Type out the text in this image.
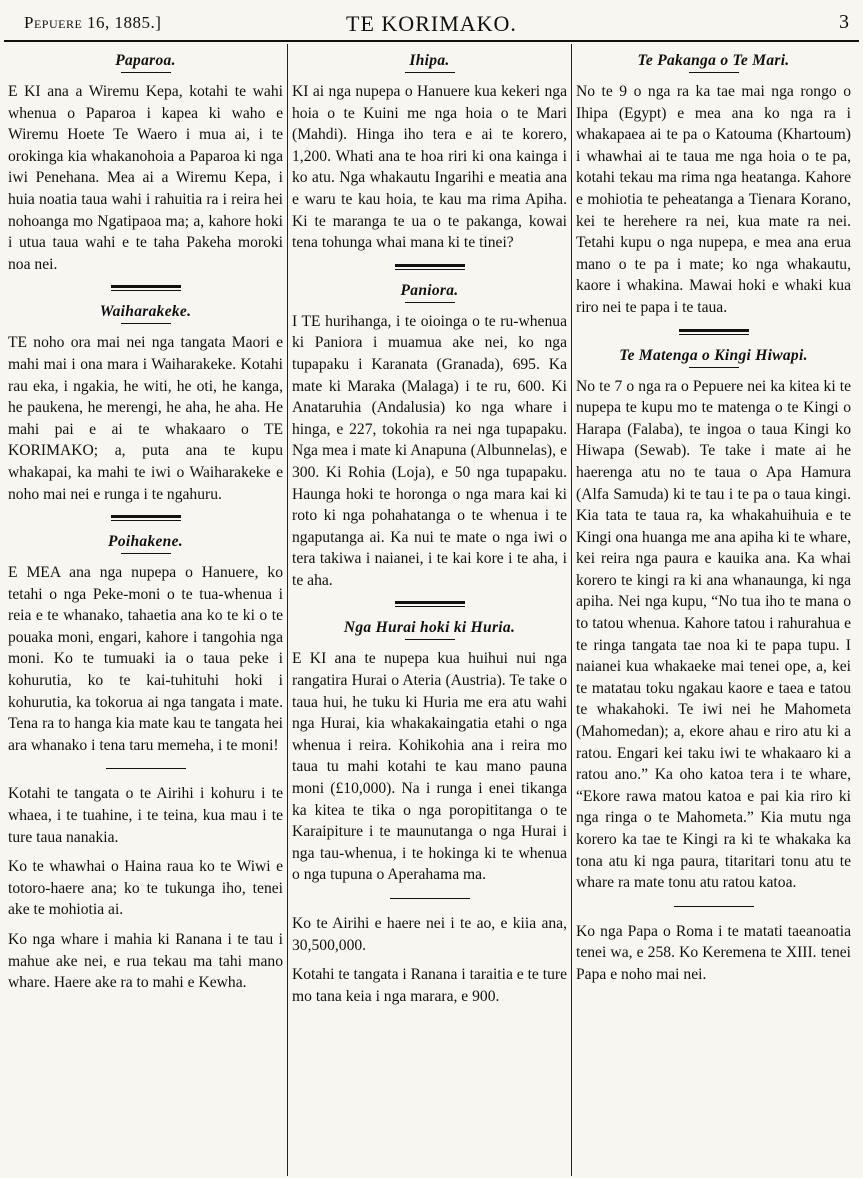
Pepuere 16, 1885.]	TE KORIMAKO.	3
Paparoa.

E KI ana a Wiremu Kepa, kotahi te wahi whenua o Paparoa i kapea ki waho e Wiremu Hoete Te Waero i mua ai, i te orokinga kia whakanohoia a Paparoa ki nga iwi Penehana. Mea ai a Wiremu Kepa, i huia noatia taua wahi i rahuitia ra i reira hei nohoanga mo Ngatipaoa ma; a, kahore hoki i utua taua wahi e te taha Pakeha moroki noa nei.

Waiharakeke.

TE noho ora mai nei nga tangata Maori e mahi mai i ona mara i Waiharakeke. Kotahi rau eka, i ngakia, he witi, he oti, he kanga, he paukena, he merengi, he aha, he aha. He mahi pai e ai te whakaaro o TE KORIMAKO; a, puta ana te kupu whakapai, ka mahi te iwi o Waiharakeke e noho mai nei e runga i te ngahuru.

Poihakene.

E MEA ana nga nupepa o Hanuere, ko tetahi o nga Peke-moni o te tua-whenua i reia e te whanako, tahaetia ana ko te ki o te pouaka moni, engari, kahore i tangohia nga moni. Ko te tumuaki ia o taua peke i kohurutia, ko te kai-tuhituhi hoki i kohurutia, ka tokorua ai nga tangata i mate. Tena ra to hanga kia mate kau te tangata hei ara whanako i tena taru memeha, i te moni!

Kotahi te tangata o te Airihi i kohuru i te whaea, i te tuahine, i te teina, kua mau i te ture taua nanakia.

Ko te whawhai o Haina raua ko te Wiwi e totoro-haere ana; ko te tukunga iho, tenei ake te mohiotia ai.

Ko nga whare i mahia ki Ranana i te tau i mahue ake nei, e rua tekau ma tahi mano whare. Haere ake ra to mahi e Kewha.

Ihipa.

KI ai nga nupepa o Hanuere kua kekeri nga hoia o te Kuini me nga hoia o te Mari (Mahdi). Hinga iho tera e ai te korero, 1,200. Whati ana te hoa riri ki ona kainga i ko atu. Nga whakautu Ingarihi e meatia ana e waru te kau hoia, te kau ma rima Apiha. Ki te maranga te ua o te pakanga, kowai tena tohunga whai mana ki te tinei?

Paniora.

I TE hurihanga, i te oioinga o te ru-whenua ki Paniora i muamua ake nei, ko nga tupapaku i Karanata (Granada), 695. Ka mate ki Maraka (Malaga) i te ru, 600. Ki Anataruhia (Andalusia) ko nga whare i hinga, e 227, tokohia ra nei nga tupapaku. Nga mea i mate ki Anapuna (Albunnelas), e 300. Ki Rohia (Loja), e 50 nga tupapaku. Haunga hoki te horonga o nga mara kai ki roto ki nga pohahatanga o te whenua i te ngaputanga ai. Ka nui te mate o nga iwi o tera takiwa i naianei, i te kai kore i te aha, i te aha.

Nga Hurai hoki ki Huria.

E KI ana te nupepa kua huihui nui nga rangatira Hurai o Ateria (Austria). Te take o taua hui, he tuku ki Huria me era atu wahi nga Hurai, kia whakakaingatia etahi o nga whenua i reira. Kohikohia ana i reira mo taua tu mahi kotahi te kau mano pauna moni (£10,000). Na i runga i enei tikanga ka kitea te tika o nga poropititanga o te Karaipiture i te maunutanga o nga Hurai i nga tau-whenua, i te hokinga ki te whenua o nga tupuna o Aperahama ma.

Ko te Airihi e haere nei i te ao, e kiia ana, 30,500,000.

Kotahi te tangata i Ranana i taraitia e te ture mo tana keia i nga marara, e 900.

Te Pakanga o Te Mari.

No te 9 o nga ra ka tae mai nga rongo o Ihipa (Egypt) e mea ana ko nga ra i whakapaea ai te pa o Katouma (Khartoum) i whawhai ai te taua me nga hoia o te pa, kotahi tekau ma rima nga heatanga. Kahore e mohiotia te peheatanga a Tienara Korano, kei te herehere ra nei, kua mate ra nei. Tetahi kupu o nga nupepa, e mea ana erua mano o te pa i mate; ko nga whakautu, kaore i whakina. Mawai hoki e whaki kua riro nei te papa i te taua.

Te Matenga o Kingi Hiwapi.

No te 7 o nga ra o Pepuere nei ka kitea ki te nupepa te kupu mo te matenga o te Kingi o Harapa (Falaba), te ingoa o taua Kingi ko Hiwapa (Sewab). Te take i mate ai he haerenga atu no te taua o Apa Hamura (Alfa Samuda) ki te tau i te pa o taua kingi. Kia tata te taua ra, ka whakahuihuia e te Kingi ona huanga me ana apiha ki te whare, kei reira nga paura e kauika ana. Ka whai korero te kingi ra ki ana whanaunga, ki nga apiha. Nei nga kupu, “No tua iho te mana o to tatou whenua. Kahore tatou i rahurahua e te ringa tangata tae noa ki te papa tupu. I naianei kua whakaeke mai tenei ope, a, kei te matatau toku ngakau kaore e taea e tatou te whakahoki. Te iwi nei he Mahometa (Mahomedan); a, ekore ahau e riro atu ki a ratou. Engari kei taku iwi te whakaaro ki a ratou ano.” Ka oho katoa tera i te whare, “Ekore rawa matou katoa e pai kia riro ki nga ringa o te Mahometa.” Kia mutu nga korero ka tae te Kingi ra ki te whakaka ka tona atu ki nga paura, titaritari tonu atu te whare ra mate tonu atu ratou katoa.

Ko nga Papa o Roma i te matati taeanoatia tenei wa, e 258. Ko Keremena te XIII. tenei Papa e noho mai nei.
